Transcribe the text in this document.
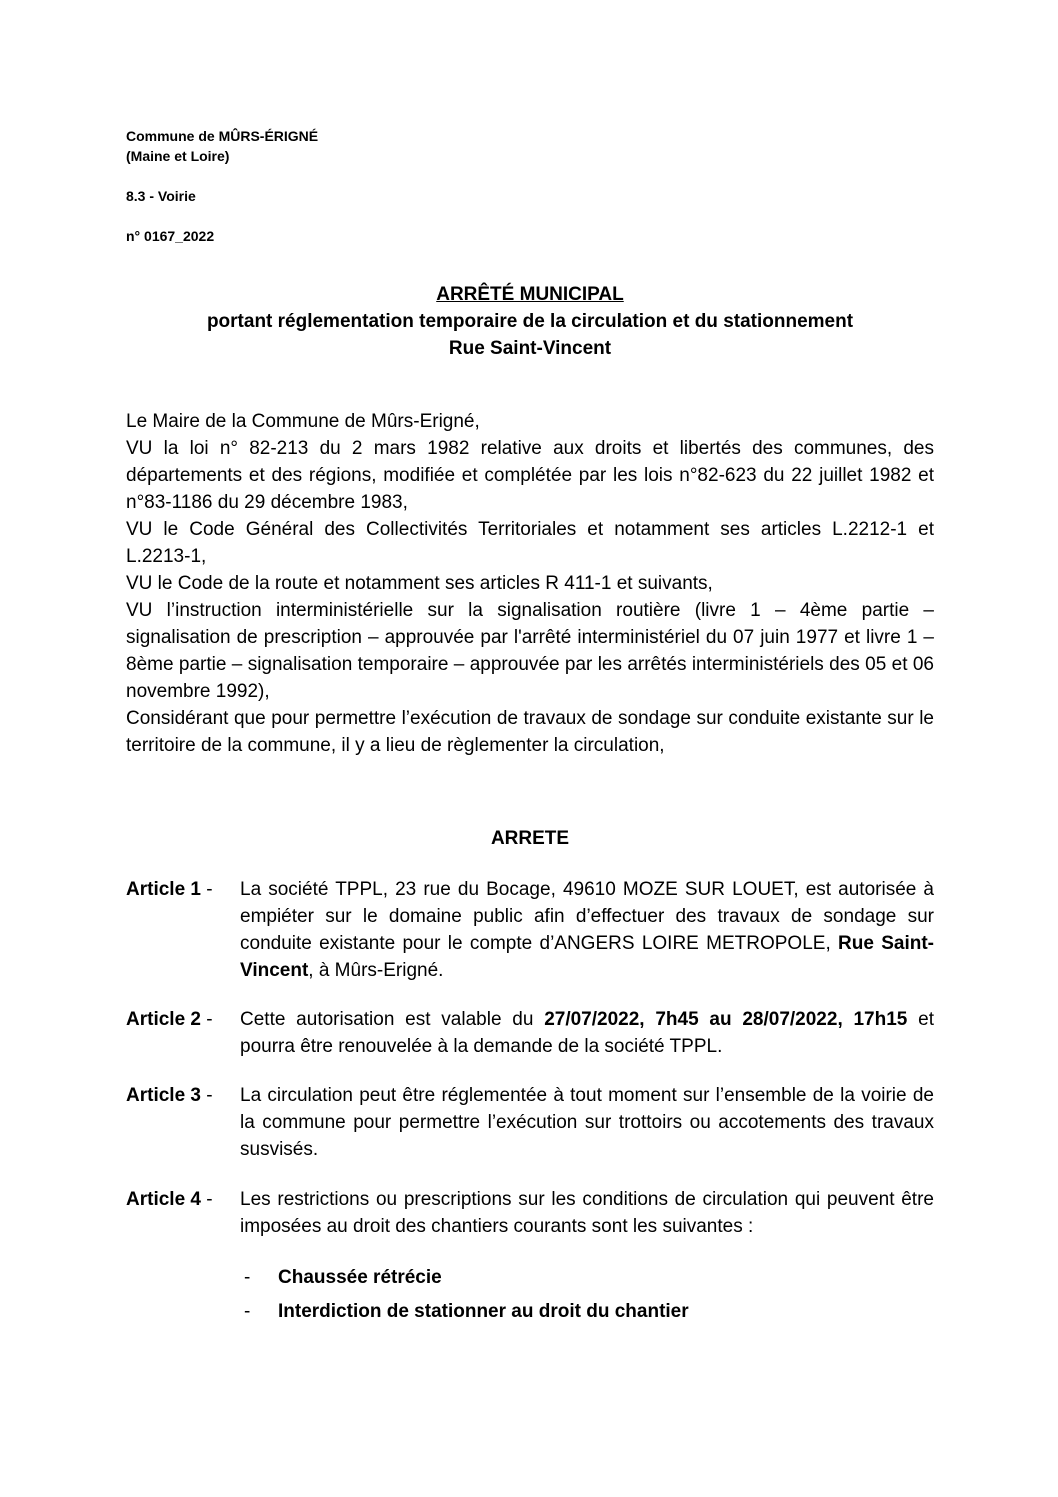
Commune de MÛRS-ÉRIGNÉ
(Maine et Loire)
8.3 - Voirie
n° 0167_2022
ARRÊTÉ MUNICIPAL
portant réglementation temporaire de la circulation et du stationnement
Rue Saint-Vincent

Le Maire de la Commune de Mûrs-Erigné,

VU la loi n° 82-213 du 2 mars 1982 relative aux droits et libertés des communes, des départements et des régions, modifiée et complétée par les lois n°82-623 du 22 juillet 1982 et n°83-1186 du 29 décembre 1983,

VU le Code Général des Collectivités Territoriales et notamment ses articles L.2212-1 et L.2213-1,

VU le Code de la route et notamment ses articles R 411-1 et suivants,

VU l’instruction interministérielle sur la signalisation routière (livre 1 – 4ème partie – signalisation de prescription – approuvée par l'arrêté interministériel du 07 juin 1977 et livre 1 – 8ème partie – signalisation temporaire – approuvée par les arrêtés interministériels des 05 et 06 novembre 1992),

Considérant que pour permettre l’exécution de travaux de sondage sur conduite existante sur le territoire de la commune, il y a lieu de règlementer la circulation,

ARRETE
Article 1 -	La société TPPL, 23 rue du Bocage, 49610 MOZE SUR LOUET, est autorisée à empiéter sur le domaine public afin d’effectuer des travaux de sondage sur conduite existante pour le compte d’ANGERS LOIRE METROPOLE, Rue Saint-Vincent, à Mûrs-Erigné.
Article 2 -	Cette autorisation est valable du 27/07/2022, 7h45 au 28/07/2022, 17h15 et pourra être renouvelée à la demande de la société TPPL.
Article 3 -	La circulation peut être réglementée à tout moment sur l’ensemble de la voirie de la commune pour permettre l’exécution sur trottoirs ou accotements des travaux susvisés.
Article 4 -	Les restrictions ou prescriptions sur les conditions de circulation qui peuvent être imposées au droit des chantiers courants sont les suivantes :
- Chaussée rétrécie
- Interdiction de stationner au droit du chantier
